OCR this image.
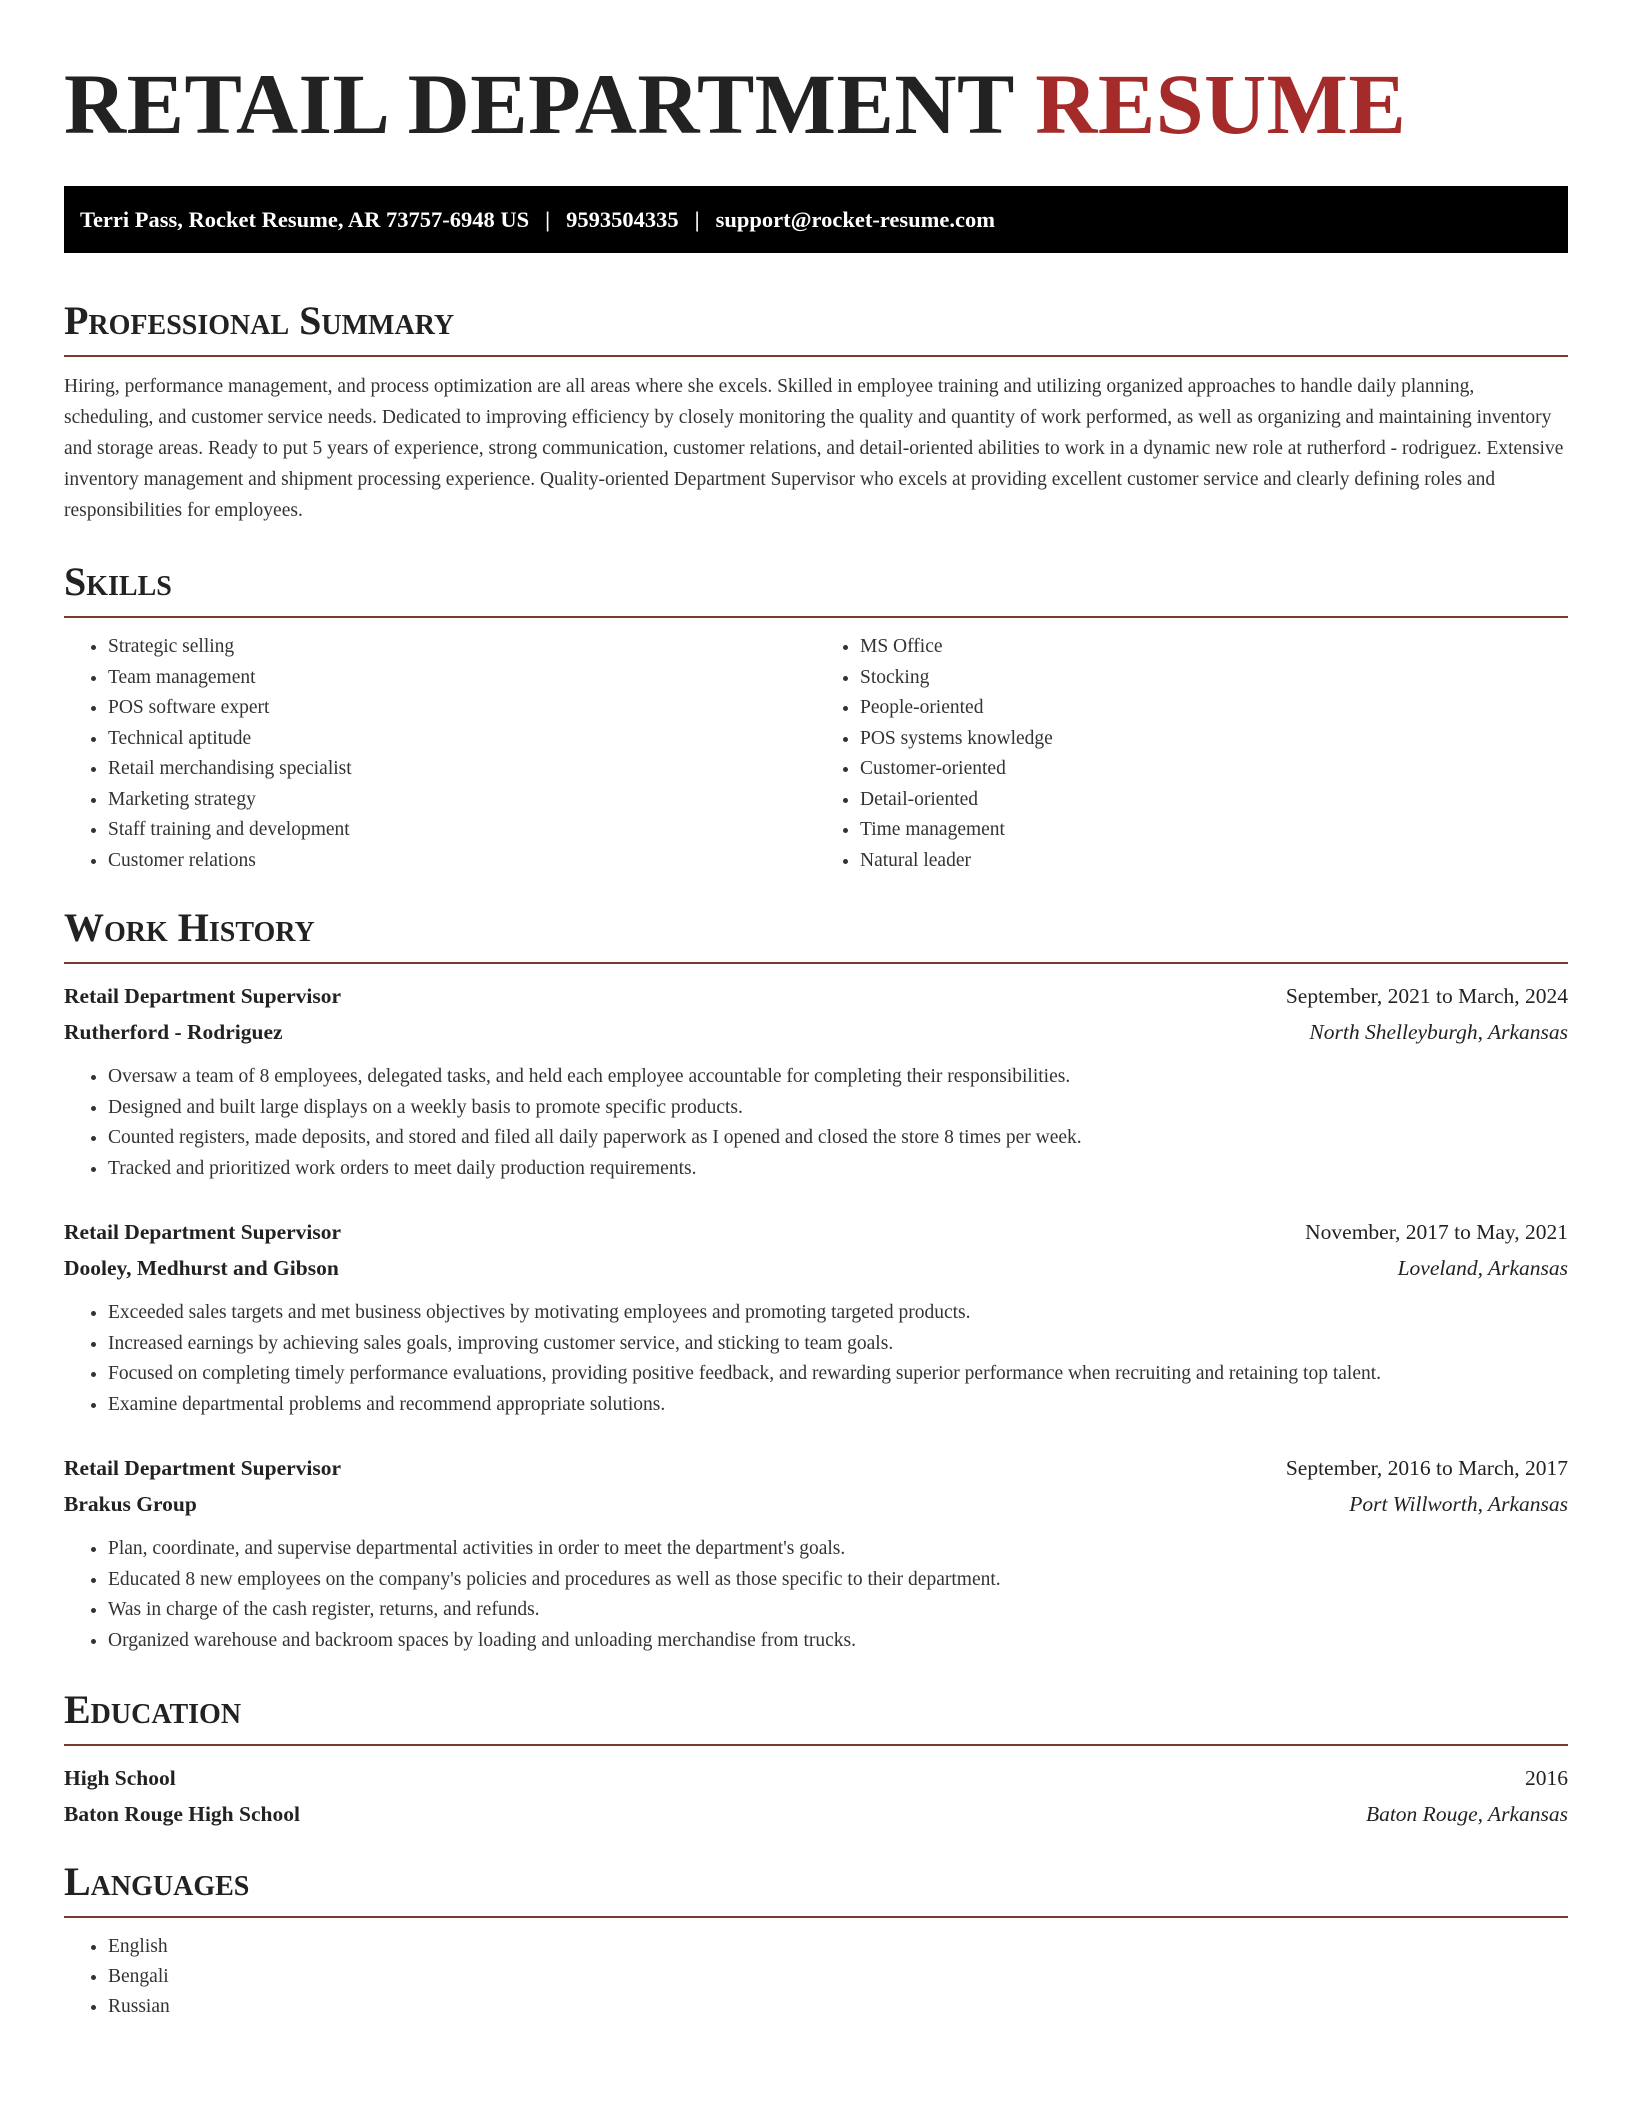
RETAIL DEPARTMENT RESUME
Terri Pass, Rocket Resume, AR 73757-6948 US | 9593504335 | support@rocket-resume.com
Professional Summary

Hiring, performance management, and process optimization are all areas where she excels. Skilled in employee training and utilizing organized approaches to handle daily planning, scheduling, and customer service needs. Dedicated to improving efficiency by closely monitoring the quality and quantity of work performed, as well as organizing and maintaining inventory and storage areas. Ready to put 5 years of experience, strong communication, customer relations, and detail-oriented abilities to work in a dynamic new role at rutherford - rodriguez. Extensive inventory management and shipment processing experience. Quality-oriented Department Supervisor who excels at providing excellent customer service and clearly defining roles and responsibilities for employees.

Skills
• Strategic selling
• Team management
• POS software expert
• Technical aptitude
• Retail merchandising specialist
• Marketing strategy
• Staff training and development
• Customer relations
• MS Office
• Stocking
• People-oriented
• POS systems knowledge
• Customer-oriented
• Detail-oriented
• Time management
• Natural leader
Work History
Retail Department Supervisor	September, 2021 to March, 2024
Rutherford - Rodriguez	North Shelleyburgh, Arkansas
• Oversaw a team of 8 employees, delegated tasks, and held each employee accountable for completing their responsibilities.
• Designed and built large displays on a weekly basis to promote specific products.
• Counted registers, made deposits, and stored and filed all daily paperwork as I opened and closed the store 8 times per week.
• Tracked and prioritized work orders to meet daily production requirements.
Retail Department Supervisor	November, 2017 to May, 2021
Dooley, Medhurst and Gibson	Loveland, Arkansas
• Exceeded sales targets and met business objectives by motivating employees and promoting targeted products.
• Increased earnings by achieving sales goals, improving customer service, and sticking to team goals.
• Focused on completing timely performance evaluations, providing positive feedback, and rewarding superior performance when recruiting and retaining top talent.
• Examine departmental problems and recommend appropriate solutions.
Retail Department Supervisor	September, 2016 to March, 2017
Brakus Group	Port Willworth, Arkansas
• Plan, coordinate, and supervise departmental activities in order to meet the department's goals.
• Educated 8 new employees on the company's policies and procedures as well as those specific to their department.
• Was in charge of the cash register, returns, and refunds.
• Organized warehouse and backroom spaces by loading and unloading merchandise from trucks.
Education
High School	2016
Baton Rouge High School	Baton Rouge, Arkansas
Languages
• English
• Bengali
• Russian
